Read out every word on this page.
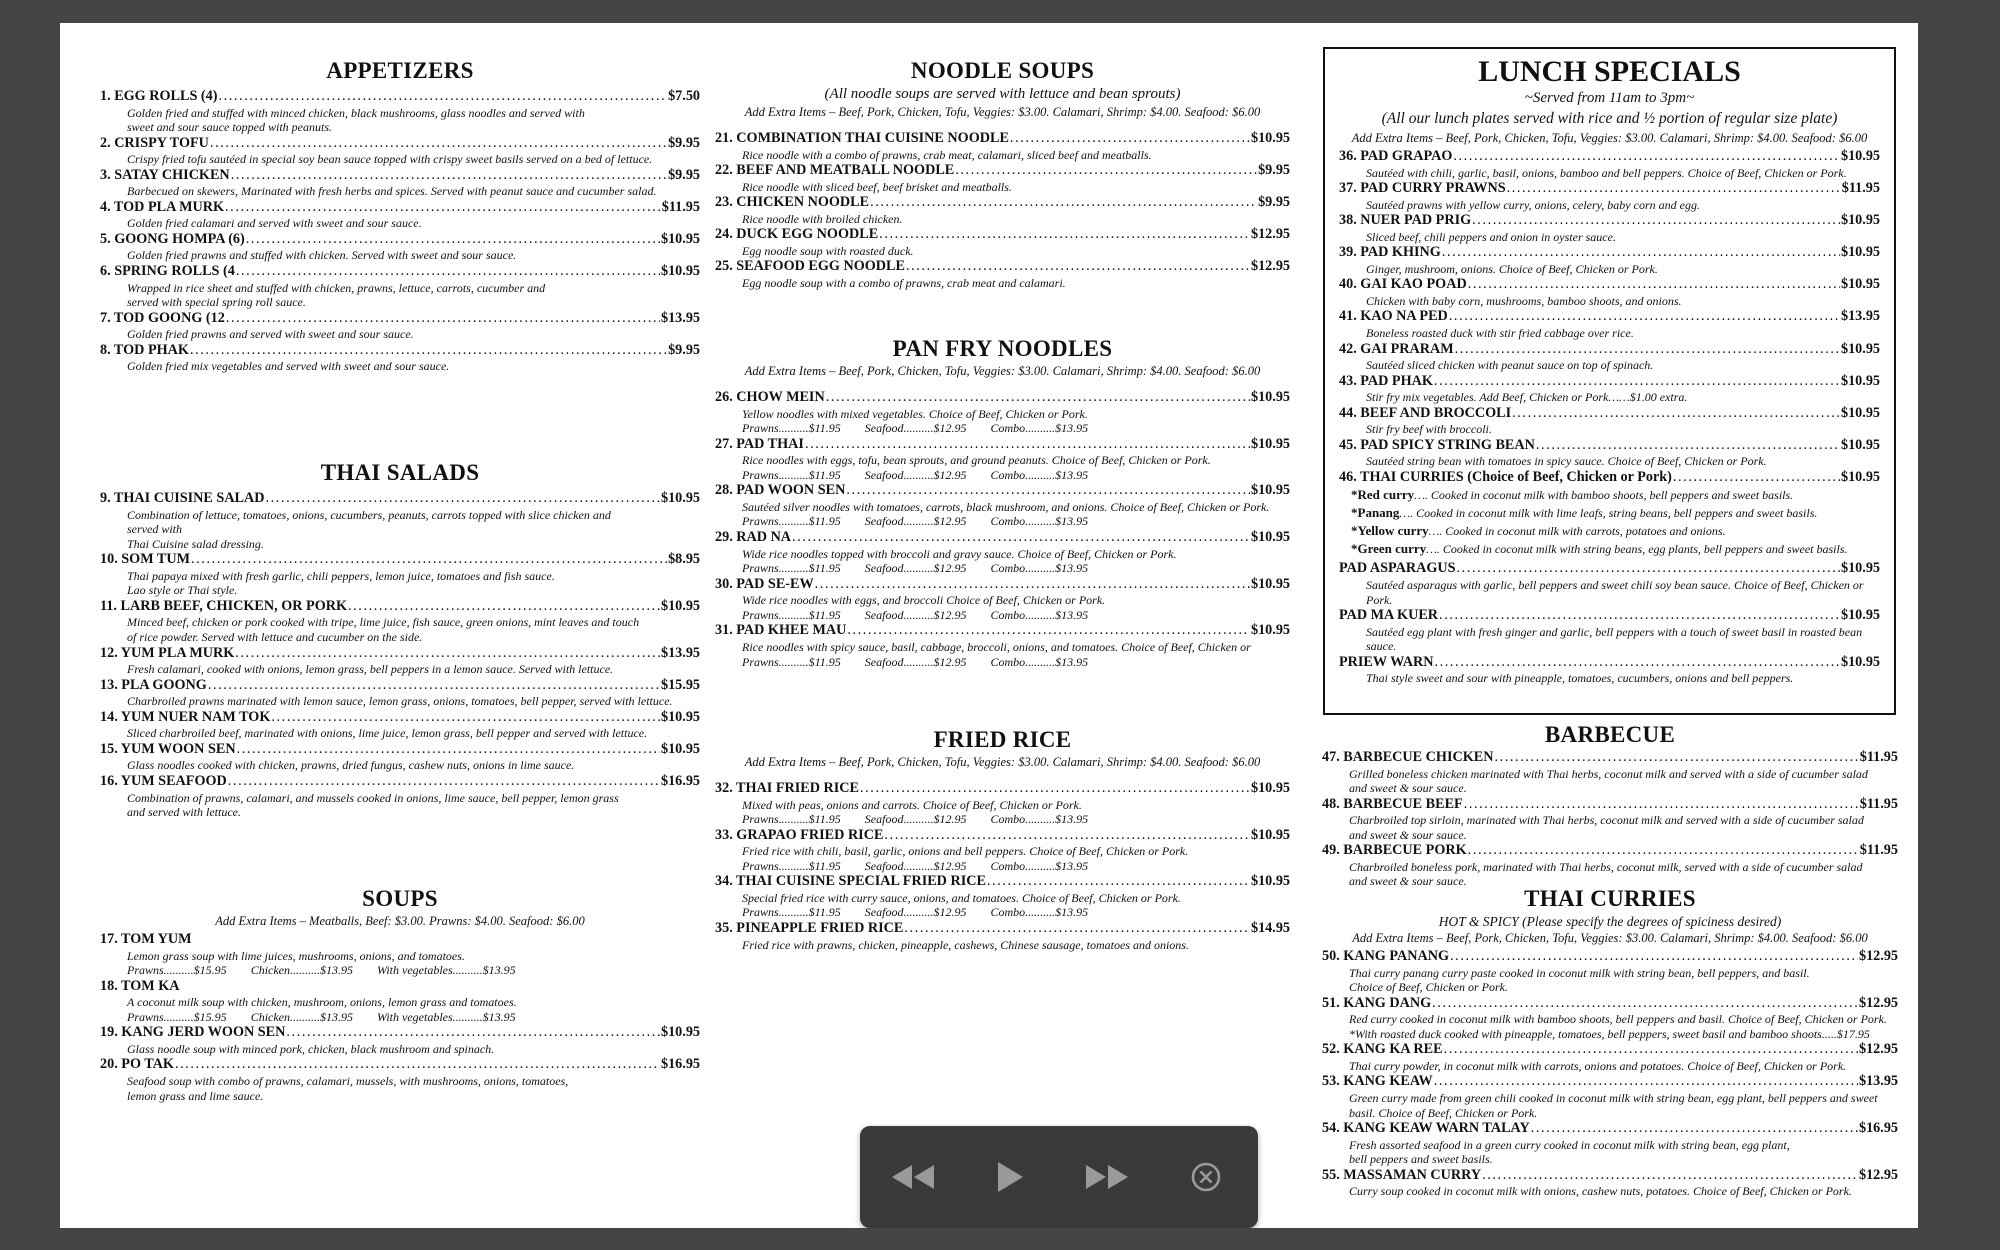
APPETIZERS
1. EGG ROLLS (4) .....	$7.50
Golden fried and stuffed with minced chicken, black mushrooms, glass noodles and served with
sweet and sour sauce topped with peanuts.
2. CRISPY TOFU .....	$9.95
Crispy fried tofu sautéed in special soy bean sauce topped with crispy sweet basils served on a bed of lettuce.
3. SATAY CHICKEN .....	$9.95
Barbecued on skewers, Marinated with fresh herbs and spices. Served with peanut sauce and cucumber salad.
4. TOD PLA MURK .....	$11.95
Golden fried calamari and served with sweet and sour sauce.
5. GOONG HOMPA (6) .....	$10.95
Golden fried prawns and stuffed with chicken. Served with sweet and sour sauce.
6. SPRING ROLLS (4 .....	$10.95
Wrapped in rice sheet and stuffed with chicken, prawns, lettuce, carrots, cucumber and
served with special spring roll sauce.
7. TOD GOONG (12 .....	$13.95
Golden fried prawns and served with sweet and sour sauce.
8. TOD PHAK .....	$9.95
Golden fried mix vegetables and served with sweet and sour sauce.
THAI SALADS
9. THAI CUISINE SALAD .....	$10.95
Combination of lettuce, tomatoes, onions, cucumbers, peanuts, carrots topped with slice chicken and
served with
Thai Cuisine salad dressing.
10. SOM TUM .....	$8.95
Thai papaya mixed with fresh garlic, chili peppers, lemon juice, tomatoes and fish sauce.
Lao style or Thai style.
11. LARB BEEF, CHICKEN, OR PORK .....	$10.95
Minced beef, chicken or pork cooked with tripe, lime juice, fish sauce, green onions, mint leaves and touch
of rice powder. Served with lettuce and cucumber on the side.
12. YUM PLA MURK .....	$13.95
Fresh calamari, cooked with onions, lemon grass, bell peppers in a lemon sauce. Served with lettuce.
13. PLA GOONG .....	$15.95
Charbroiled prawns marinated with lemon sauce, lemon grass, onions, tomatoes, bell pepper, served with lettuce.
14. YUM NUER NAM TOK .....	$10.95
Sliced charbroiled beef, marinated with onions, lime juice, lemon grass, bell pepper and served with lettuce.
15. YUM WOON SEN .....	$10.95
Glass noodles cooked with chicken, prawns, dried fungus, cashew nuts, onions in lime sauce.
16. YUM SEAFOOD .....	$16.95
Combination of prawns, calamari, and mussels cooked in onions, lime sauce, bell pepper, lemon grass
and served with lettuce.
SOUPS

Add Extra Items – Meatballs, Beef: $3.00. Prawns: $4.00. Seafood: $6.00

17. TOM YUM
Lemon grass soup with lime juices, mushrooms, onions, and tomatoes.
Prawns..........$15.95 Chicken..........$13.95 With vegetables..........$13.95
18. TOM KA
A coconut milk soup with chicken, mushroom, onions, lemon grass and tomatoes.
Prawns..........$15.95 Chicken..........$13.95 With vegetables..........$13.95
19. KANG JERD WOON SEN .....	$10.95
Glass noodle soup with minced pork, chicken, black mushroom and spinach.
20. PO TAK .....	$16.95
Seafood soup with combo of prawns, calamari, mussels, with mushrooms, onions, tomatoes,
lemon grass and lime sauce.
NOODLE SOUPS

(All noodle soups are served with lettuce and bean sprouts)

Add Extra Items – Beef, Pork, Chicken, Tofu, Veggies: $3.00. Calamari, Shrimp: $4.00. Seafood: $6.00

21. COMBINATION THAI CUISINE NOODLE .....	$10.95
Rice noodle with a combo of prawns, crab meat, calamari, sliced beef and meatballs.
22. BEEF AND MEATBALL NOODLE .....	$9.95
Rice noodle with sliced beef, beef brisket and meatballs.
23. CHICKEN NOODLE .....	$9.95
Rice noodle with broiled chicken.
24. DUCK EGG NOODLE .....	$12.95
Egg noodle soup with roasted duck.
25. SEAFOOD EGG NOODLE .....	$12.95
Egg noodle soup with a combo of prawns, crab meat and calamari.
PAN FRY NOODLES

Add Extra Items – Beef, Pork, Chicken, Tofu, Veggies: $3.00. Calamari, Shrimp: $4.00. Seafood: $6.00

26. CHOW MEIN .....	$10.95
Yellow noodles with mixed vegetables. Choice of Beef, Chicken or Pork.
Prawns..........$11.95 Seafood..........$12.95 Combo..........$13.95
27. PAD THAI .....	$10.95
Rice noodles with eggs, tofu, bean sprouts, and ground peanuts. Choice of Beef, Chicken or Pork.
Prawns..........$11.95 Seafood..........$12.95 Combo..........$13.95
28. PAD WOON SEN .....	$10.95
Sautéed silver noodles with tomatoes, carrots, black mushroom, and onions. Choice of Beef, Chicken or Pork.
Prawns..........$11.95 Seafood..........$12.95 Combo..........$13.95
29. RAD NA .....	$10.95
Wide rice noodles topped with broccoli and gravy sauce. Choice of Beef, Chicken or Pork.
Prawns..........$11.95 Seafood..........$12.95 Combo..........$13.95
30. PAD SE-EW .....	$10.95
Wide rice noodles with eggs, and broccoli Choice of Beef, Chicken or Pork.
Prawns..........$11.95 Seafood..........$12.95 Combo..........$13.95
31. PAD KHEE MAU .....	$10.95
Rice noodles with spicy sauce, basil, cabbage, broccoli, onions, and tomatoes. Choice of Beef, Chicken or
Prawns..........$11.95 Seafood..........$12.95 Combo..........$13.95
FRIED RICE

Add Extra Items – Beef, Pork, Chicken, Tofu, Veggies: $3.00. Calamari, Shrimp: $4.00. Seafood: $6.00

32. THAI FRIED RICE .....	$10.95
Mixed with peas, onions and carrots. Choice of Beef, Chicken or Pork.
Prawns..........$11.95 Seafood..........$12.95 Combo..........$13.95
33. GRAPAO FRIED RICE .....	$10.95
Fried rice with chili, basil, garlic, onions and bell peppers. Choice of Beef, Chicken or Pork.
Prawns..........$11.95 Seafood..........$12.95 Combo..........$13.95
34. THAI CUISINE SPECIAL FRIED RICE .....	$10.95
Special fried rice with curry sauce, onions, and tomatoes. Choice of Beef, Chicken or Pork.
Prawns..........$11.95 Seafood..........$12.95 Combo..........$13.95
35. PINEAPPLE FRIED RICE .....	$14.95
Fried rice with prawns, chicken, pineapple, cashews, Chinese sausage, tomatoes and onions.
LUNCH SPECIALS

~Served from 11am to 3pm~

(All our lunch plates served with rice and ½ portion of regular size plate)

Add Extra Items – Beef, Pork, Chicken, Tofu, Veggies: $3.00. Calamari, Shrimp: $4.00. Seafood: $6.00

36. PAD GRAPAO .....	$10.95
Sautéed with chili, garlic, basil, onions, bamboo and bell peppers. Choice of Beef, Chicken or Pork.
37. PAD CURRY PRAWNS .....	$11.95
Sautéed prawns with yellow curry, onions, celery, baby corn and egg.
38. NUER PAD PRIG .....	$10.95
Sliced beef, chili peppers and onion in oyster sauce.
39. PAD KHING .....	$10.95
Ginger, mushroom, onions. Choice of Beef, Chicken or Pork.
40. GAI KAO POAD .....	$10.95
Chicken with baby corn, mushrooms, bamboo shoots, and onions.
41. KAO NA PED .....	$13.95
Boneless roasted duck with stir fried cabbage over rice.
42. GAI PRARAM .....	$10.95
Sautéed sliced chicken with peanut sauce on top of spinach.
43. PAD PHAK .....	$10.95
Stir fry mix vegetables. Add Beef, Chicken or Pork……$1.00 extra.
44. BEEF AND BROCCOLI .....	$10.95
Stir fry beef with broccoli.
45. PAD SPICY STRING BEAN .....	$10.95
Sautéed string bean with tomatoes in spicy sauce. Choice of Beef, Chicken or Pork.
46. THAI CURRIES (Choice of Beef, Chicken or Pork) .....	$10.95
*Red curry…. Cooked in coconut milk with bamboo shoots, bell peppers and sweet basils.
*Panang…. Cooked in coconut milk with lime leafs, string beans, bell peppers and sweet basils.
*Yellow curry…. Cooked in coconut milk with carrots, potatoes and onions.
*Green curry…. Cooked in coconut milk with string beans, egg plants, bell peppers and sweet basils.
PAD ASPARAGUS .....	$10.95
Sautéed asparagus with garlic, bell peppers and sweet chili soy bean sauce. Choice of Beef, Chicken or Pork.
PAD MA KUER .....	$10.95
Sautéed egg plant with fresh ginger and garlic, bell peppers with a touch of sweet basil in roasted bean sauce.
PRIEW WARN .....	$10.95
Thai style sweet and sour with pineapple, tomatoes, cucumbers, onions and bell peppers.
BARBECUE
47. BARBECUE CHICKEN .....	$11.95
Grilled boneless chicken marinated with Thai herbs, coconut milk and served with a side of cucumber salad
and sweet & sour sauce.
48. BARBECUE BEEF .....	$11.95
Charbroiled top sirloin, marinated with Thai herbs, coconut milk and served with a side of cucumber salad
and sweet & sour sauce.
49. BARBECUE PORK .....	$11.95
Charbroiled boneless pork, marinated with Thai herbs, coconut milk, served with a side of cucumber salad
and sweet & sour sauce.
THAI CURRIES

HOT & SPICY (Please specify the degrees of spiciness desired)

Add Extra Items – Beef, Pork, Chicken, Tofu, Veggies: $3.00. Calamari, Shrimp: $4.00. Seafood: $6.00

50. KANG PANANG .....	$12.95
Thai curry panang curry paste cooked in coconut milk with string bean, bell peppers, and basil.
Choice of Beef, Chicken or Pork.
51. KANG DANG .....	$12.95
Red curry cooked in coconut milk with bamboo shoots, bell peppers and basil. Choice of Beef, Chicken or Pork.
*With roasted duck cooked with pineapple, tomatoes, bell peppers, sweet basil and bamboo shoots.....$17.95
52. KANG KA REE .....	$12.95
Thai curry powder, in coconut milk with carrots, onions and potatoes. Choice of Beef, Chicken or Pork.
53. KANG KEAW .....	$13.95
Green curry made from green chili cooked in coconut milk with string bean, egg plant, bell peppers and sweet
basil. Choice of Beef, Chicken or Pork.
54. KANG KEAW WARN TALAY .....	$16.95
Fresh assorted seafood in a green curry cooked in coconut milk with string bean, egg plant,
bell peppers and sweet basils.
55. MASSAMAN CURRY .....	$12.95
Curry soup cooked in coconut milk with onions, cashew nuts, potatoes. Choice of Beef, Chicken or Pork.
